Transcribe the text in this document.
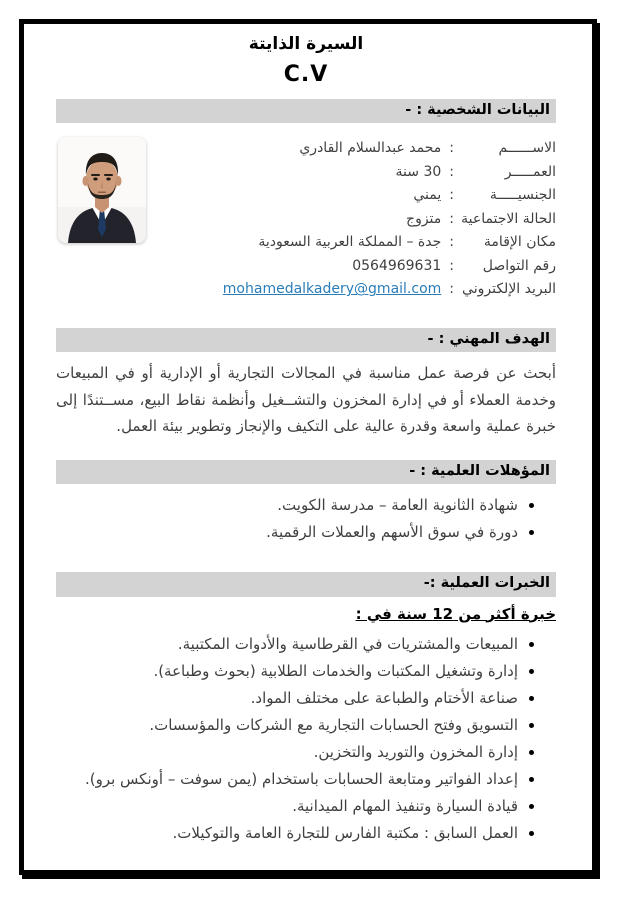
السيرة الذايتة
C.V
البيانات الشخصية : -
الاســــــم
:
محمد عبدالسلام القادري
العمـــــر
:
30 سنة
الجنسيـــــة
:
يمني
الحالة الاجتماعية
:
متزوج
مكان الإقامة
:
جدة – المملكة العربية السعودية
رقم التواصل
:
0564969631
البريد الإلكتروني
:
mohamedalkadery@gmail.com
الهدف المهني : -

أبحث عن فرصة عمل مناسبة في المجالات التجارية أو الإدارية أو في المبيعات وخدمة العملاء أو في إدارة المخزون والتشــغيل وأنظمة نقاط البيع، مســتندًا إلى خبرة عملية واسعة وقدرة عالية على التكيف والإنجاز وتطوير بيئة العمل.

المؤهلات العلمية : -
شهادة الثانوية العامة – مدرسة الكويت.
دورة في سوق الأسهم والعملات الرقمية.
الخبرات العملية :-
خبرة أكثر من 12 سنة في :
المبيعات والمشتريات في القرطاسية والأدوات المكتبية.
إدارة وتشغيل المكتبات والخدمات الطلابية (بحوث وطباعة).
صناعة الأختام والطباعة على مختلف المواد.
التسويق وفتح الحسابات التجارية مع الشركات والمؤسسات.
إدارة المخزون والتوريد والتخزين.
إعداد الفواتير ومتابعة الحسابات باستخدام (يمن سوفت – أونكس برو).
قيادة السيارة وتنفيذ المهام الميدانية.
العمل السابق : مكتبة الفارس للتجارة العامة والتوكيلات.
